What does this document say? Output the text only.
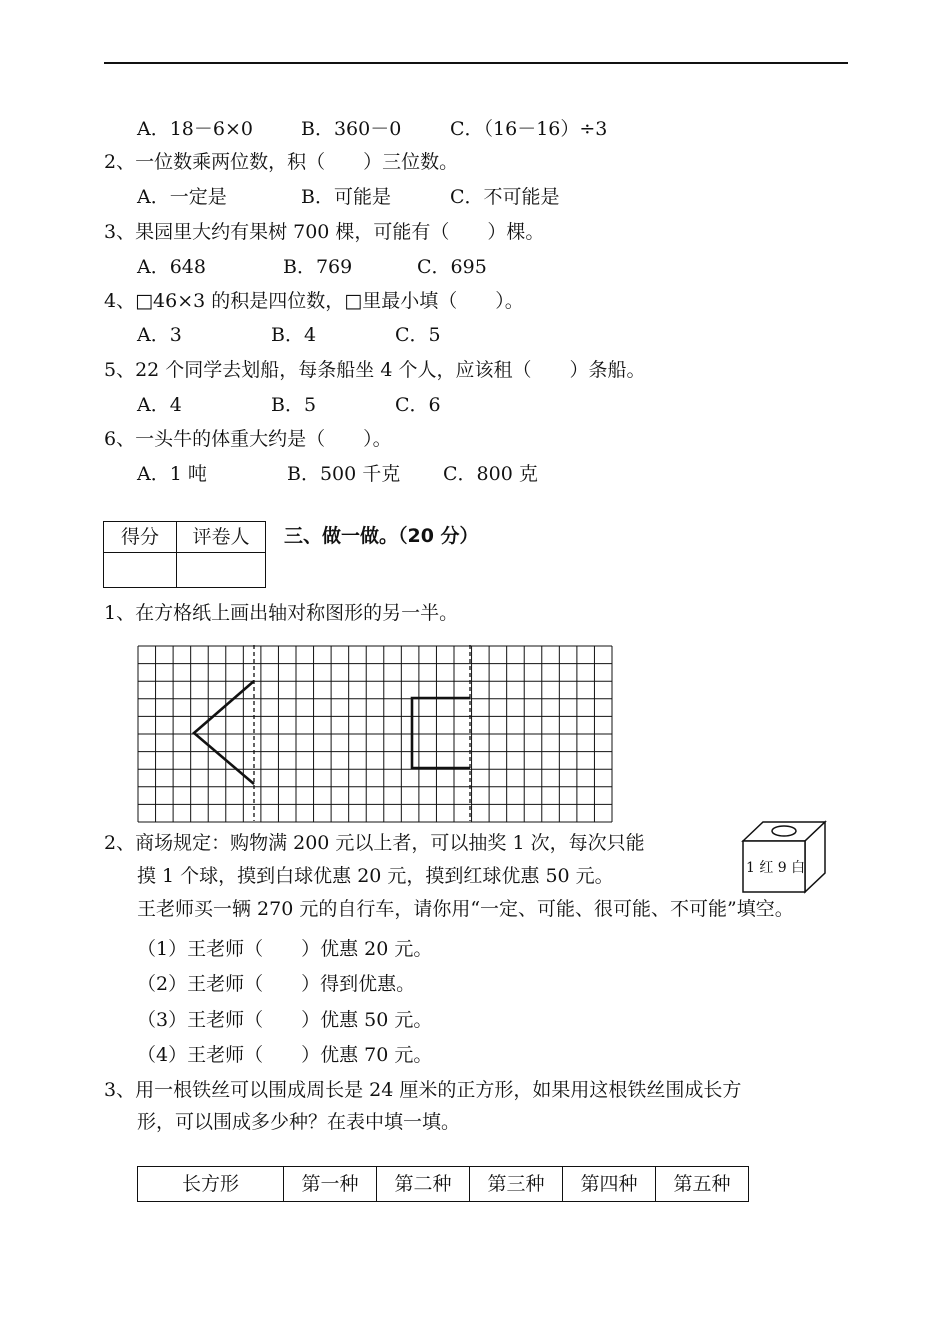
A．18－6×0	B．360－0	C．（16－16）÷3
2、一位数乘两位数，积（　　）三位数。
A．一定是	B．可能是	C．不可能是
3、果园里大约有果树 700 棵，可能有（　　）棵。
A．648	B．769	C．695
4、□46×3 的积是四位数，□里最小填（　　）。
A．3	B．4	C．5
5、22 个同学去划船，每条船坐 4 个人，应该租（　　）条船。
A．4	B．5	C．6
6、一头牛的体重大约是（　　）。
A．1 吨	B．500 千克 C．800 克
得分	评卷人
	三、做一做。（20 分）
1、在方格纸上画出轴对称图形的另一半。
2、商场规定：购物满 200 元以上者，可以抽奖 1 次，每次只能
摸 1 个球，摸到白球优惠 20 元，摸到红球优惠 50 元。
王老师买一辆 270 元的自行车，请你用“一定、可能、很可能、不可能”填空。
1 红 9 白
（1）王老师（　　）优惠 20 元。
（2）王老师（　　）得到优惠。
（3）王老师（　　）优惠 50 元。
（4）王老师（　　）优惠 70 元。
3、用一根铁丝可以围成周长是 24 厘米的正方形，如果用这根铁丝围成长方
形，可以围成多少种？在表中填一填。
长方形	第一种	第二种	第三种	第四种	第五种
